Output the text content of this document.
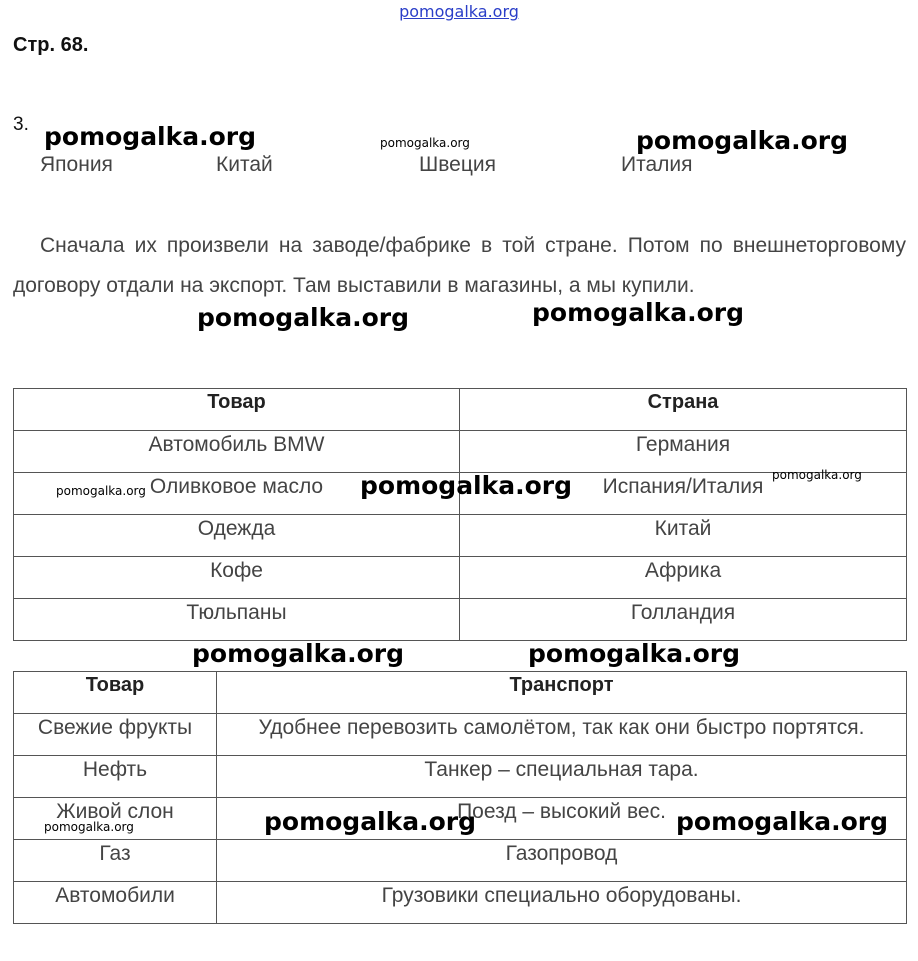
pomogalka.org
Стр. 68.
3.
Япония	Китай	Швеция	Италия
Сначала их произвели на заводе/фабрике в той стране. Потом по внешнеторговому договору отдали на экспорт. Там выставили в магазины, а мы купили.
Товар	Страна
Автомобиль BMW	Германия
Оливковое масло	Испания/Италия
Одежда	Китай
Кофе	Африка
Тюльпаны	Голландия
Товар	Транспорт
Свежие фрукты	Удобнее перевозить самолётом, так как они быстро портятся.
Нефть	Танкер – специальная тара.
Живой слон	Поезд – высокий вес.
Газ	Газопровод
Автомобили	Грузовики специально оборудованы.
pomogalka.org	pomogalka.org	pomogalka.org
pomogalka.org	pomogalka.org
pomogalka.org	pomogalka.org	pomogalka.org
pomogalka.org	pomogalka.org
pomogalka.org	pomogalka.org	pomogalka.org
